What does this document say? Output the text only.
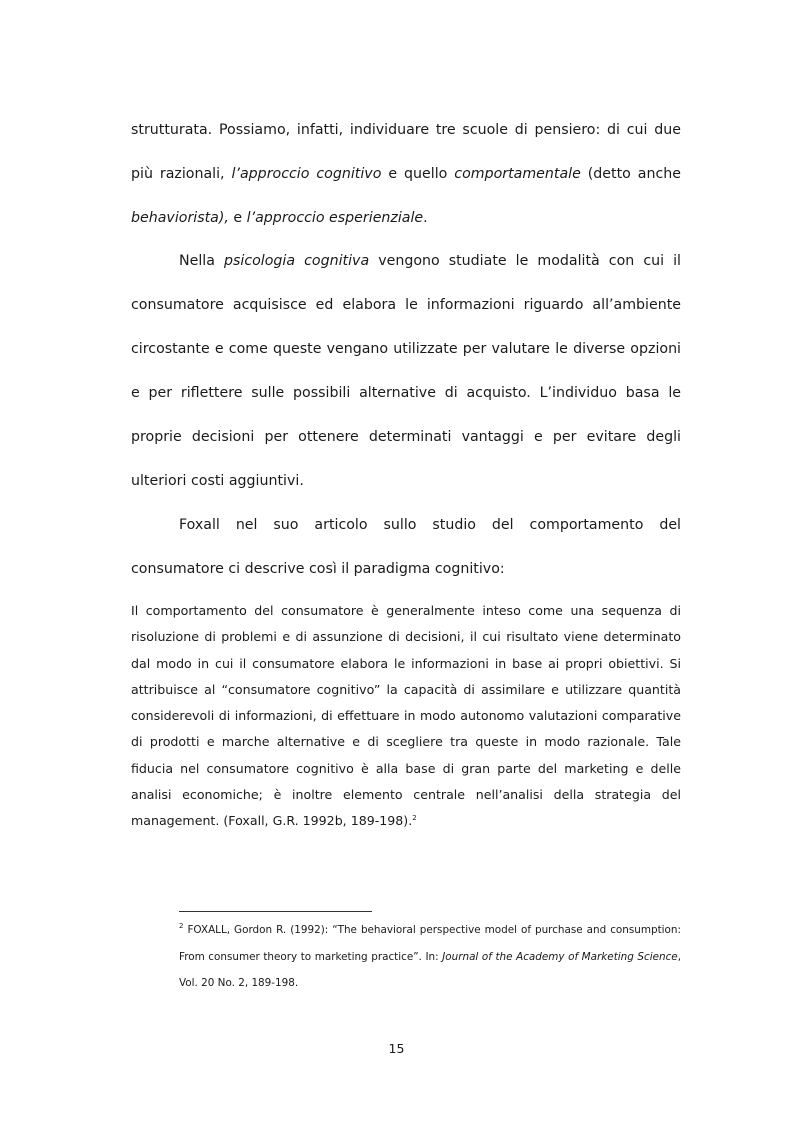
strutturata. Possiamo, infatti, individuare tre scuole di pensiero: di cui due più razionali, l’approccio cognitivo e quello comportamentale (detto anche behaviorista), e l’approccio esperienziale.

Nella psicologia cognitiva vengono studiate le modalità con cui il consumatore acquisisce ed elabora le informazioni riguardo all’ambiente circostante e come queste vengano utilizzate per valutare le diverse opzioni e per riflettere sulle possibili alternative di acquisto. L’individuo basa le proprie decisioni per ottenere determinati vantaggi e per evitare degli ulteriori costi aggiuntivi.

Foxall nel suo articolo sullo studio del comportamento del consumatore ci descrive così il paradigma cognitivo:

Il comportamento del consumatore è generalmente inteso come una sequenza di risoluzione di problemi e di assunzione di decisioni, il cui risultato viene determinato dal modo in cui il consumatore elabora le informazioni in base ai propri obiettivi. Si attribuisce al “consumatore cognitivo” la capacità di assimilare e utilizzare quantità considerevoli di informazioni, di effettuare in modo autonomo valutazioni comparative di prodotti e marche alternative e di scegliere tra queste in modo razionale. Tale fiducia nel consumatore cognitivo è alla base di gran parte del marketing e delle analisi economiche; è inoltre elemento centrale nell’analisi della strategia del management. (Foxall, G.R. 1992b, 189-198).$^2$

$^2$ FOXALL, Gordon R. (1992): “The behavioral perspective model of purchase and consumption: From consumer theory to marketing practice”. In: Journal of the Academy of Marketing Science, Vol. 20 No. 2, 189-198.

15
